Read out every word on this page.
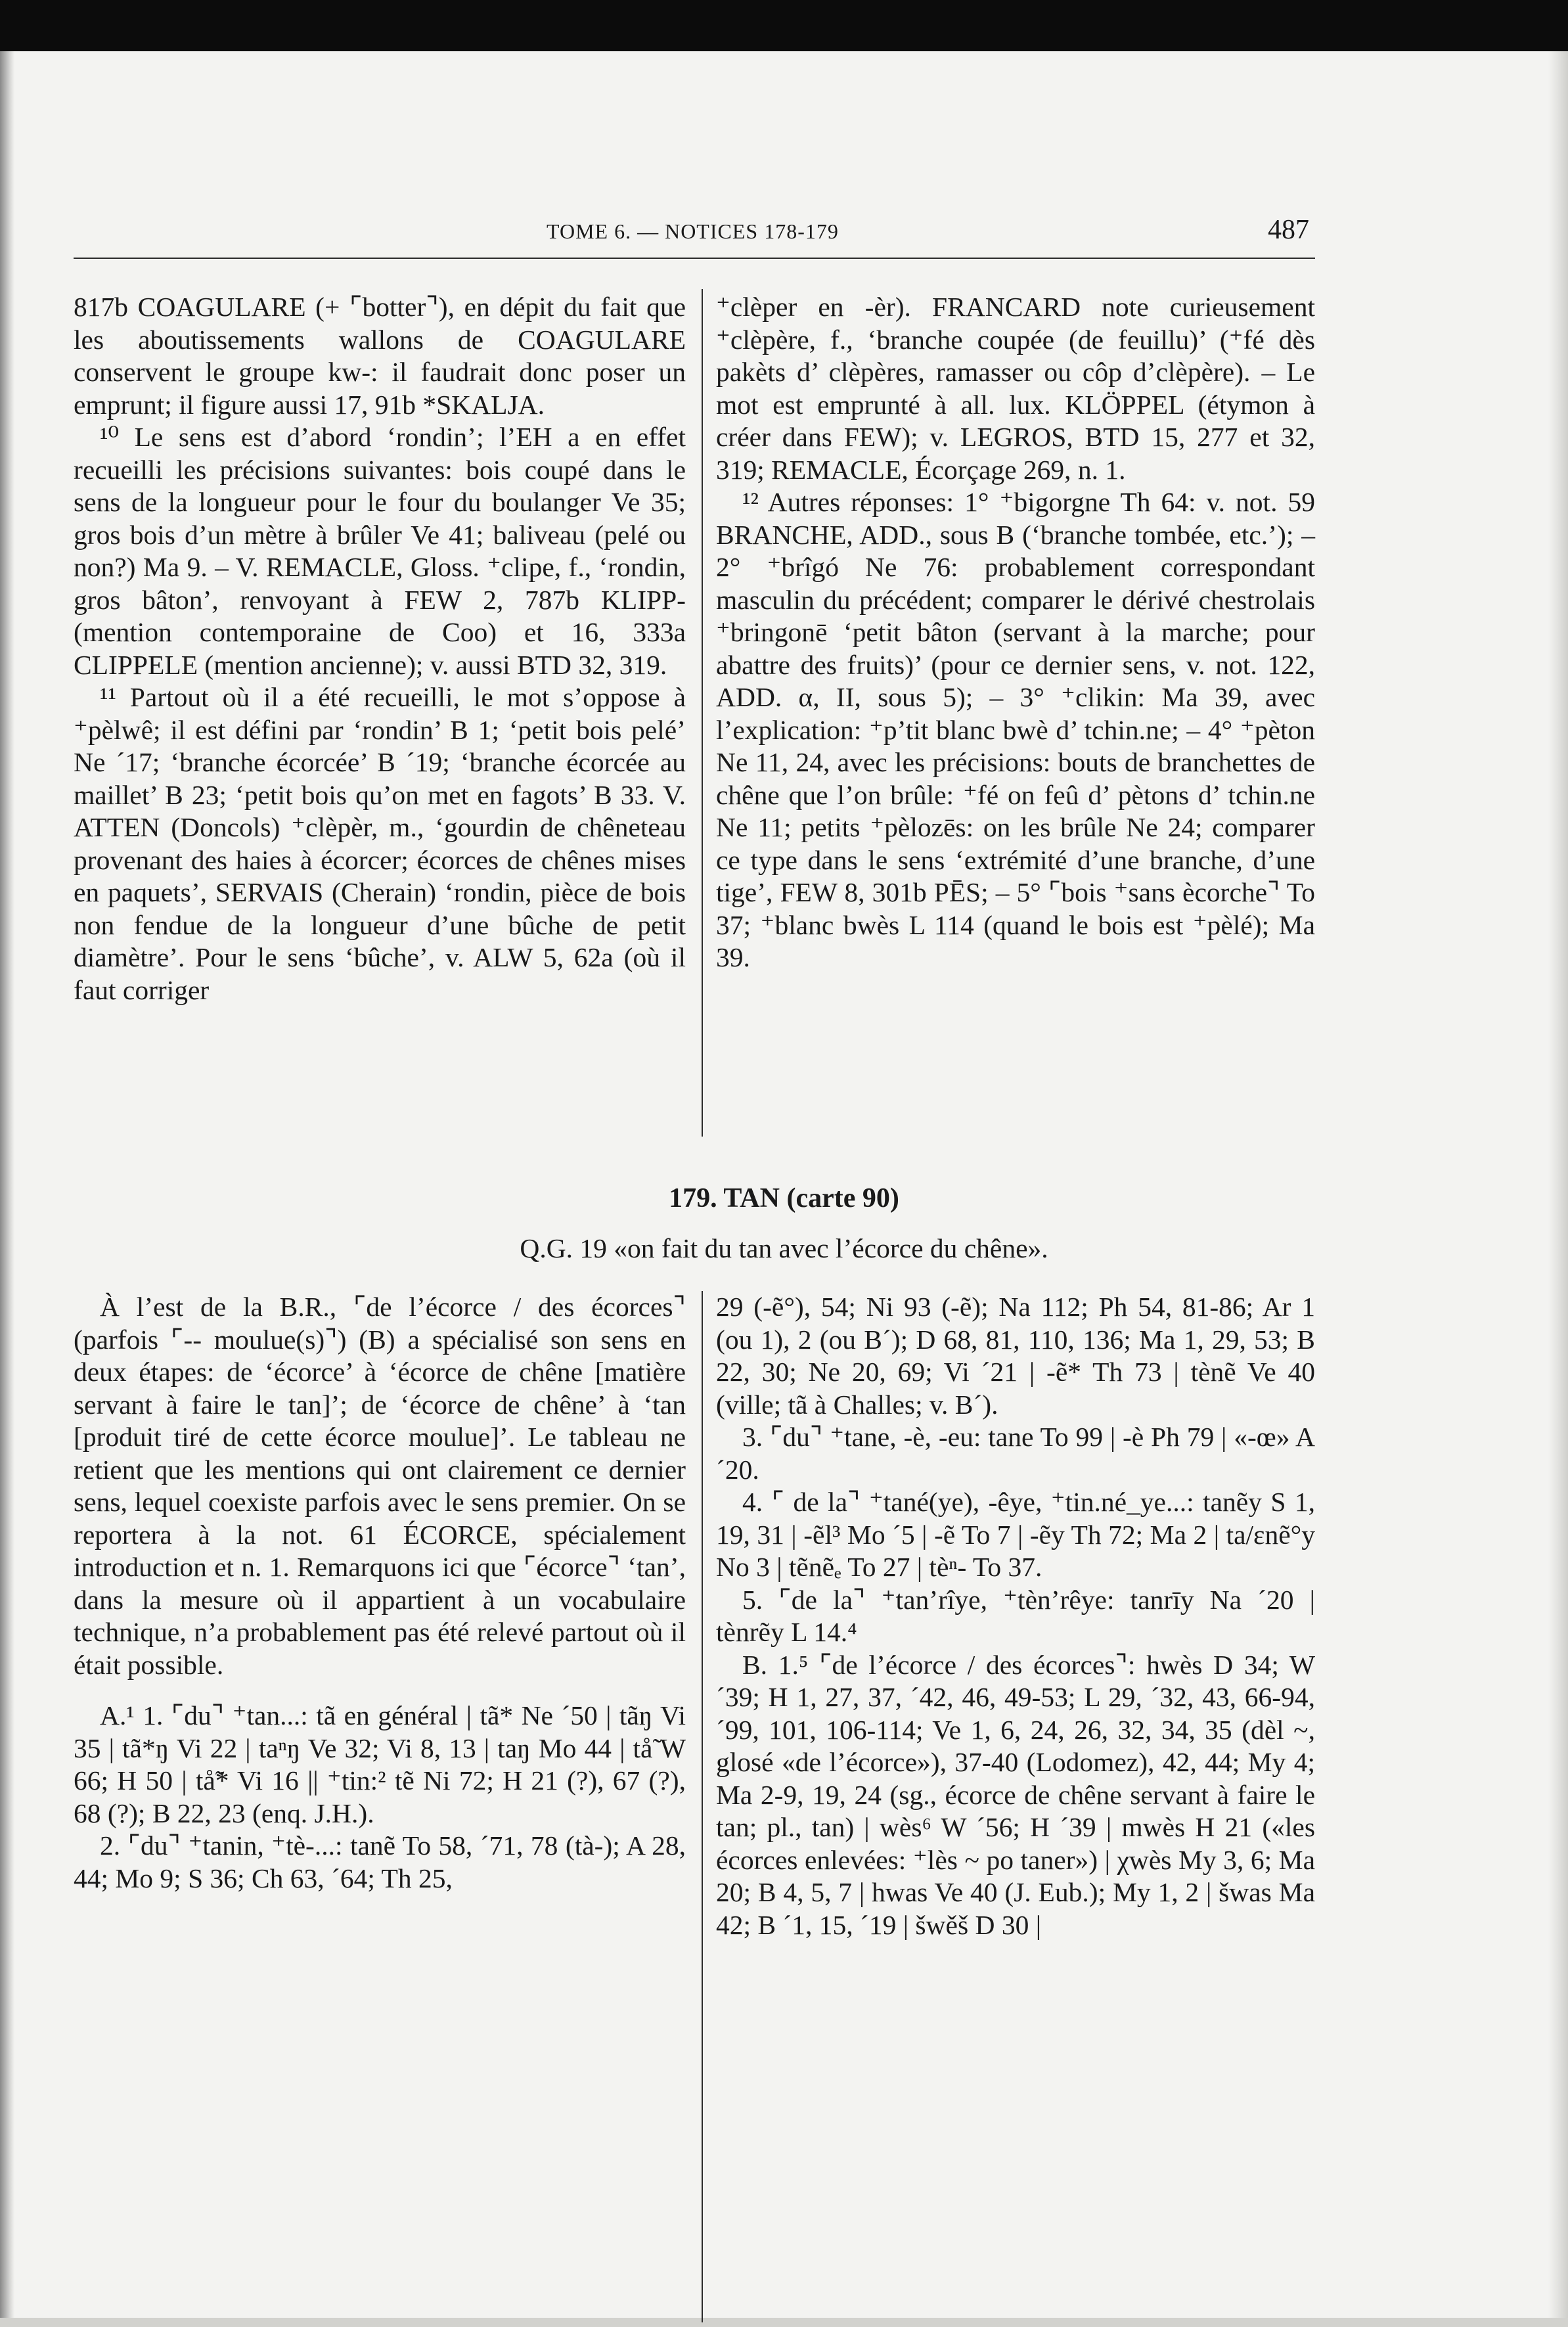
TOME 6. — NOTICES 178-179	487

817b COAGULARE (+ ⌜botter⌝), en dépit du fait que les aboutissements wallons de COAGULARE conservent le groupe kw-: il faudrait donc poser un emprunt; il figure aussi 17, 91b *SKALJA.

¹⁰ Le sens est d’abord ‘rondin’; l’EH a en effet recueilli les précisions suivantes: bois coupé dans le sens de la longueur pour le four du boulanger Ve 35; gros bois d’un mètre à brûler Ve 41; baliveau (pelé ou non?) Ma 9. – V. REMACLE, Gloss. ⁺clipe, f., ‘rondin, gros bâton’, renvoyant à FEW 2, 787b KLIPP- (mention contemporaine de Coo) et 16, 333a CLIPPELE (mention ancienne); v. aussi BTD 32, 319.

¹¹ Partout où il a été recueilli, le mot s’oppose à ⁺pèlwê; il est défini par ‘rondin’ B 1; ‘petit bois pelé’ Ne ´17; ‘branche écorcée’ B ´19; ‘branche écorcée au maillet’ B 23; ‘petit bois qu’on met en fagots’ B 33. V. ATTEN (Doncols) ⁺clèpèr, m., ‘gourdin de chêneteau provenant des haies à écorcer; écorces de chênes mises en paquets’, SERVAIS (Cherain) ‘rondin, pièce de bois non fendue de la longueur d’une bûche de petit diamètre’. Pour le sens ‘bûche’, v. ALW 5, 62a (où il faut corriger

⁺clèper en -èr). FRANCARD note curieusement ⁺clèpère, f., ‘branche coupée (de feuillu)’ (⁺fé dès pakèts d’ clèpères, ramasser ou côp d’clèpère). – Le mot est emprunté à all. lux. KLÖPPEL (étymon à créer dans FEW); v. LEGROS, BTD 15, 277 et 32, 319; REMACLE, Écorçage 269, n. 1.

¹² Autres réponses: 1° ⁺bigorgne Th 64: v. not. 59 BRANCHE, ADD., sous B (‘branche tombée, etc.’); – 2° ⁺brîgó Ne 76: probablement correspondant masculin du précédent; comparer le dérivé chestrolais ⁺bringonē ‘petit bâton (servant à la marche; pour abattre des fruits)’ (pour ce dernier sens, v. not. 122, ADD. α, II, sous 5); – 3° ⁺clikin: Ma 39, avec l’explication: ⁺p’tit blanc bwè d’ tchin.ne; – 4° ⁺pèton Ne 11, 24, avec les précisions: bouts de branchettes de chêne que l’on brûle: ⁺fé on feû d’ pètons d’ tchin.ne Ne 11; petits ⁺pèlozēs: on les brûle Ne 24; comparer ce type dans le sens ‘extrémité d’une branche, d’une tige’, FEW 8, 301b PĒS; – 5° ⌜bois ⁺sans ècorche⌝ To 37; ⁺blanc bwès L 114 (quand le bois est ⁺pèlé); Ma 39.

179. TAN (carte 90)
Q.G. 19 «on fait du tan avec l’écorce du chêne».

À l’est de la B.R., ⌜de l’écorce / des écorces⌝ (parfois ⌜-- moulue(s)⌝) (B) a spécialisé son sens en deux étapes: de ‘écorce’ à ‘écorce de chêne [matière servant à faire le tan]’; de ‘écorce de chêne’ à ‘tan [produit tiré de cette écorce moulue]’. Le tableau ne retient que les mentions qui ont clairement ce dernier sens, lequel coexiste parfois avec le sens premier. On se reportera à la not. 61 ÉCORCE, spécialement introduction et n. 1. Remarquons ici que ⌜écorce⌝ ‘tan’, dans la mesure où il appartient à un vocabulaire technique, n’a probablement pas été relevé partout où il était possible.

A.¹ 1. ⌜du⌝ ⁺tan...: tã en général | tã* Ne ´50 | tãŋ Vi 35 | tã*ŋ Vi 22 | taⁿŋ Ve 32; Vi 8, 13 | taŋ Mo 44 | tå̃ W 66; H 50 | tå̃* Vi 16 || ⁺tin:² tẽ Ni 72; H 21 (?), 67 (?), 68 (?); B 22, 23 (enq. J.H.).

2. ⌜du⌝ ⁺tanin, ⁺tè-...: tanẽ To 58, ´71, 78 (tà-); A 28, 44; Mo 9; S 36; Ch 63, ´64; Th 25,

29 (-ẽ°), 54; Ni 93 (-ẽ); Na 112; Ph 54, 81-86; Ar 1 (ou 1), 2 (ou B´); D 68, 81, 110, 136; Ma 1, 29, 53; B 22, 30; Ne 20, 69; Vi ´21 | -ẽ* Th 73 | tènẽ Ve 40 (ville; tã à Challes; v. B´).

3. ⌜du⌝ ⁺tane, -è, -eu: tane To 99 | -è Ph 79 | «-œ» A ´20.

4. ⌜ de la⌝ ⁺tané(ye), -êye, ⁺tin.né_ye...: tanẽy S 1, 19, 31 | -ẽl³ Mo ´5 | -ẽ To 7 | -ẽy Th 72; Ma 2 | ta/ɛnẽ°y No 3 | tẽnẽₑ To 27 | tèⁿ- To 37.

5. ⌜de la⌝ ⁺tan’rîye, ⁺tèn’rêye: tanrīy Na ´20 | tènrẽy L 14.⁴

B. 1.⁵ ⌜de l’écorce / des écorces⌝: hwès D 34; W ´39; H 1, 27, 37, ´42, 46, 49-53; L 29, ´32, 43, 66-94, ´99, 101, 106-114; Ve 1, 6, 24, 26, 32, 34, 35 (dèl ~, glosé «de l’écorce»), 37-40 (Lodomez), 42, 44; My 4; Ma 2-9, 19, 24 (sg., écorce de chêne servant à faire le tan; pl., tan) | wès⁶ W ´56; H ´39 | mwès H 21 («les écorces enlevées: ⁺lès ~ po taner») | χwès My 3, 6; Ma 20; B 4, 5, 7 | hwas Ve 40 (J. Eub.); My 1, 2 | šwas Ma 42; B ´1, 15, ´19 | šwěš D 30 |
